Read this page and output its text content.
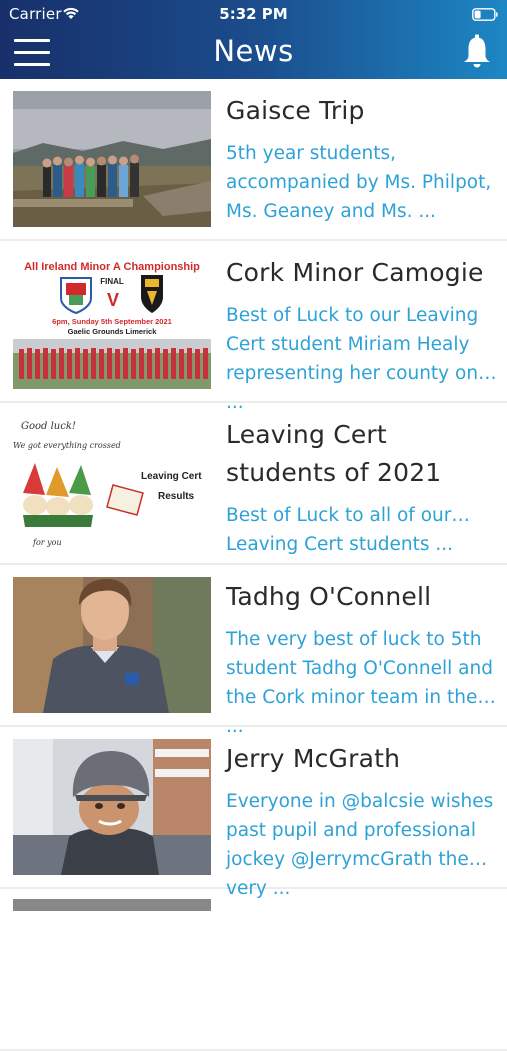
Carrier	5:32 PM
News
Gaisce Trip
5th year students, accompanied by Ms. Philpot, Ms. Geaney and Ms. ...
All Ireland Minor A Championship
FINAL
V
6pm, Sunday 5th September 2021
Gaelic Grounds Limerick
Cork Minor Camogie
Best of Luck to our Leaving Cert student Miriam Healy representing her county on ...
Good luck!
We got everything crossed
Leaving Cert
Results
for you
Leaving Cert students of 2021
Best of Luck to all of our Leaving Cert students ...
Tadhg O'Connell
The very best of luck to 5th student Tadhg O'Connell and the Cork minor team in the ...
Jerry McGrath
Everyone in @balcsie wishes past pupil and professional jockey @JerrymcGrath the very ...
